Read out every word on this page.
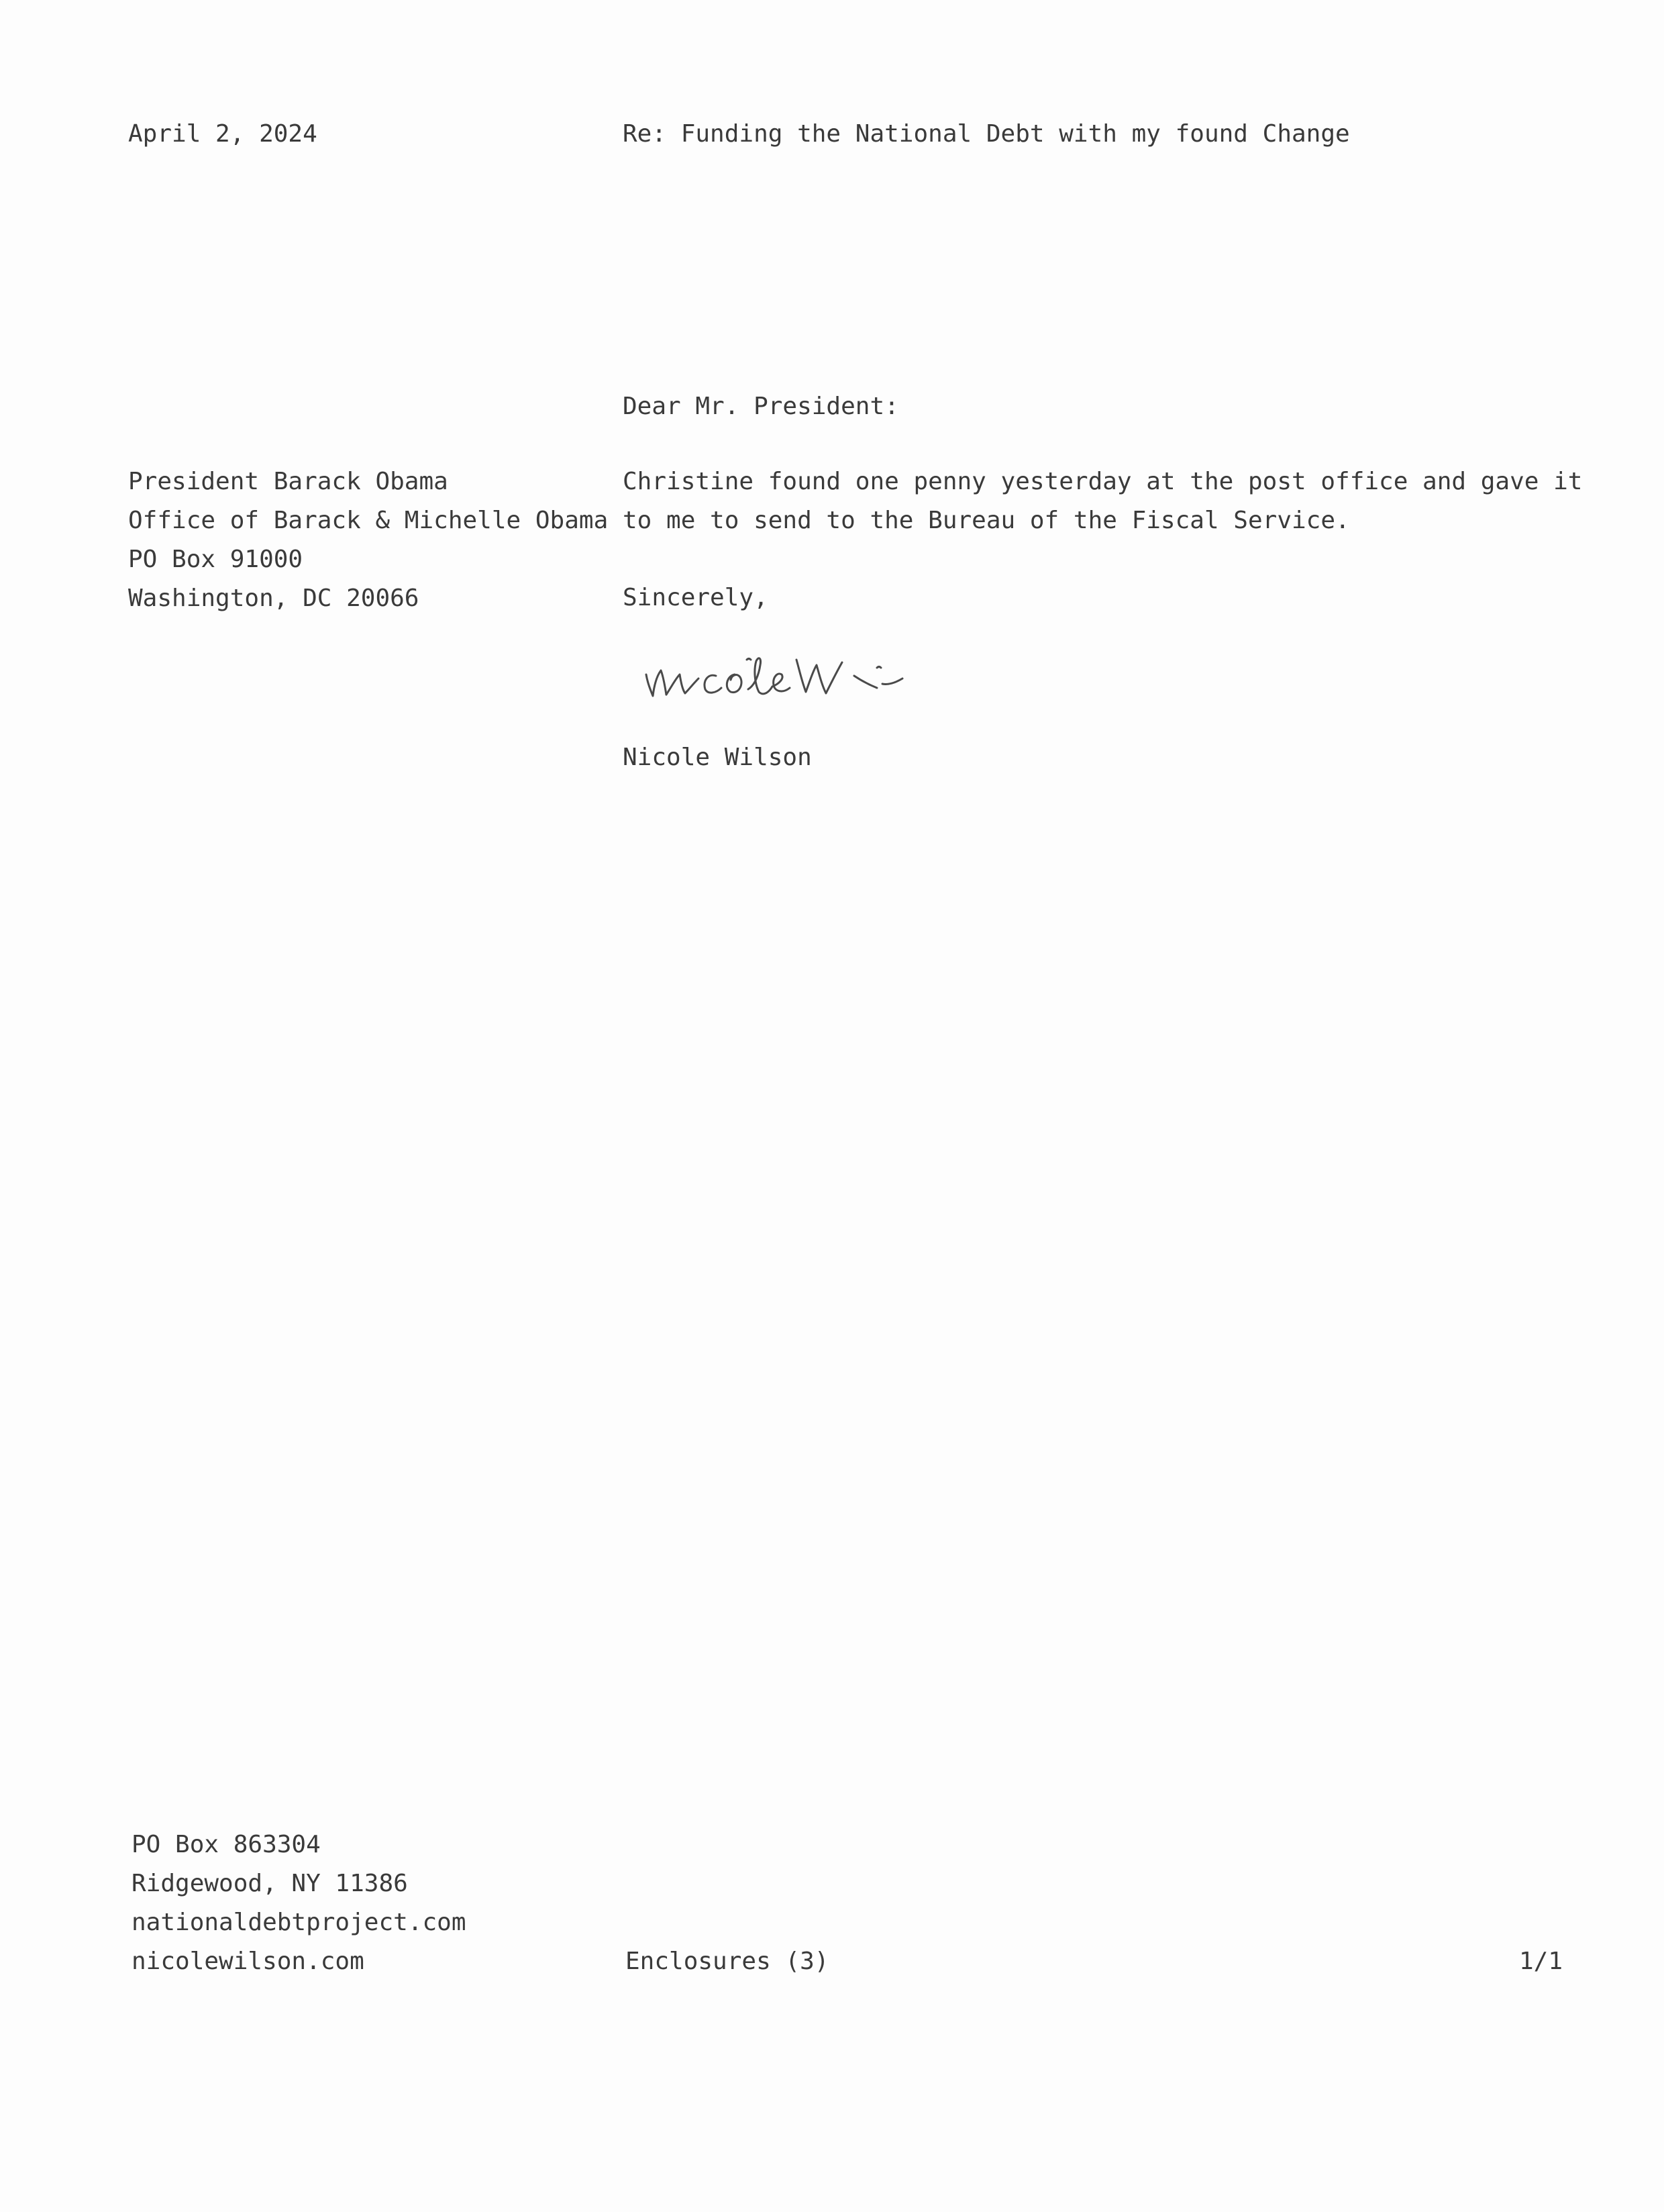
April 2, 2024	Re: Funding the National Debt with my found Change
Dear Mr. President:
President Barack Obama
Office of Barack & Michelle Obama
PO Box 91000
Washington, DC 20066
Christine found one penny yesterday at the post office and gave it
to me to send to the Bureau of the Fiscal Service.
Sincerely,
Nicole Wilson
PO Box 863304
Ridgewood, NY 11386
nationaldebtproject.com
nicolewilson.com	Enclosures (3)	1/1
